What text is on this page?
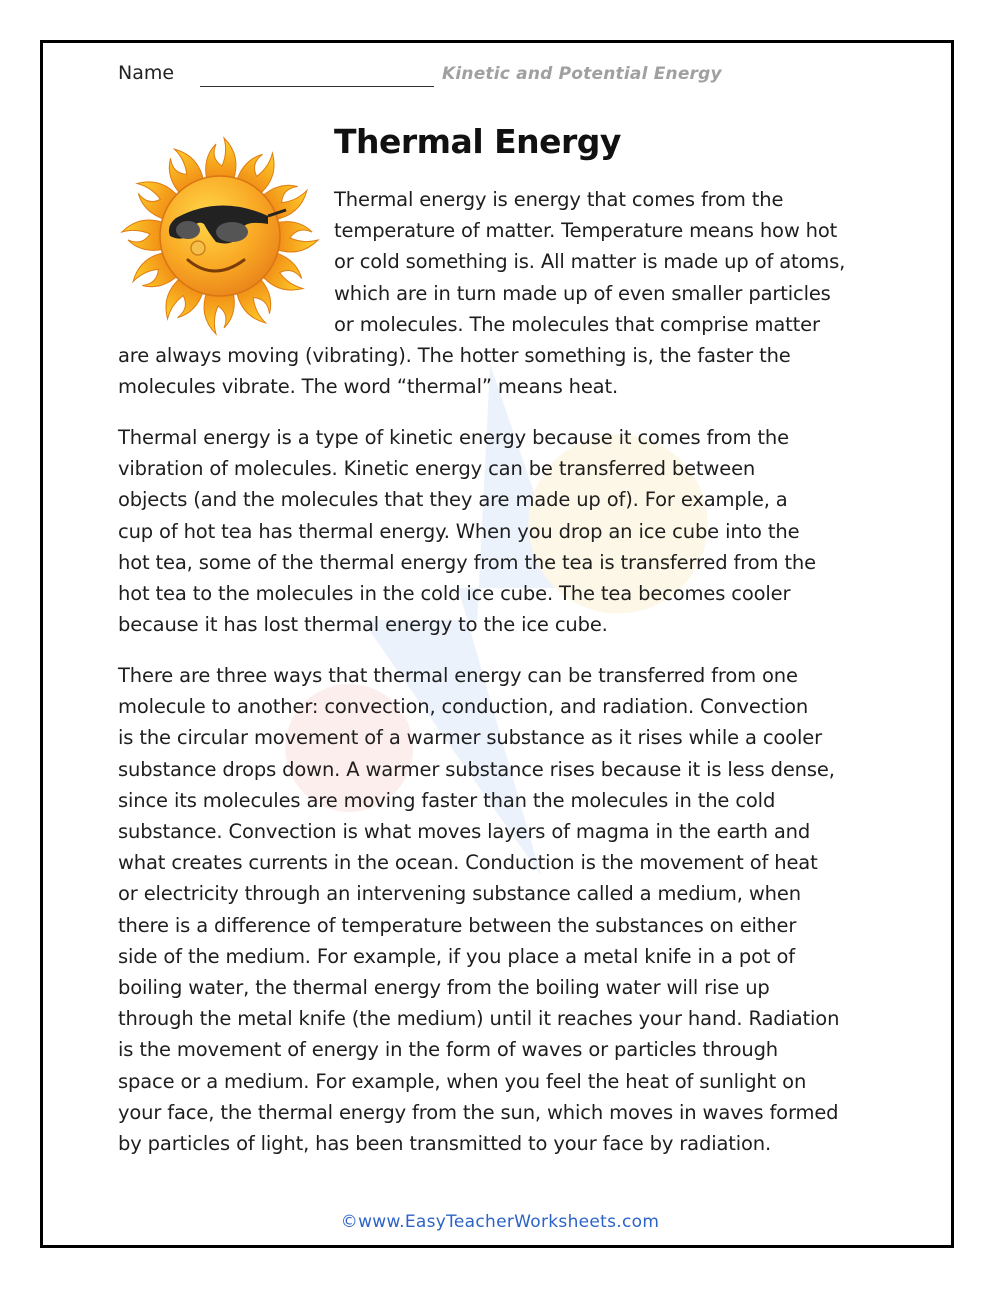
Name	Kinetic and Potential Energy
Thermal Energy

Thermal energy is energy that comes from the
temperature of matter. Temperature means how hot
or cold something is. All matter is made up of atoms,
which are in turn made up of even smaller particles
or molecules. The molecules that comprise matter

are always moving (vibrating). The hotter something is, the faster the
molecules vibrate. The word “thermal” means heat.

Thermal energy is a type of kinetic energy because it comes from the
vibration of molecules. Kinetic energy can be transferred between
objects (and the molecules that they are made up of). For example, a
cup of hot tea has thermal energy. When you drop an ice cube into the
hot tea, some of the thermal energy from the tea is transferred from the
hot tea to the molecules in the cold ice cube. The tea becomes cooler
because it has lost thermal energy to the ice cube.

There are three ways that thermal energy can be transferred from one
molecule to another: convection, conduction, and radiation. Convection
is the circular movement of a warmer substance as it rises while a cooler
substance drops down. A warmer substance rises because it is less dense,
since its molecules are moving faster than the molecules in the cold
substance. Convection is what moves layers of magma in the earth and
what creates currents in the ocean. Conduction is the movement of heat
or electricity through an intervening substance called a medium, when
there is a difference of temperature between the substances on either
side of the medium. For example, if you place a metal knife in a pot of
boiling water, the thermal energy from the boiling water will rise up
through the metal knife (the medium) until it reaches your hand. Radiation
is the movement of energy in the form of waves or particles through
space or a medium. For example, when you feel the heat of sunlight on
your face, the thermal energy from the sun, which moves in waves formed
by particles of light, has been transmitted to your face by radiation.

©www.EasyTeacherWorksheets.com
